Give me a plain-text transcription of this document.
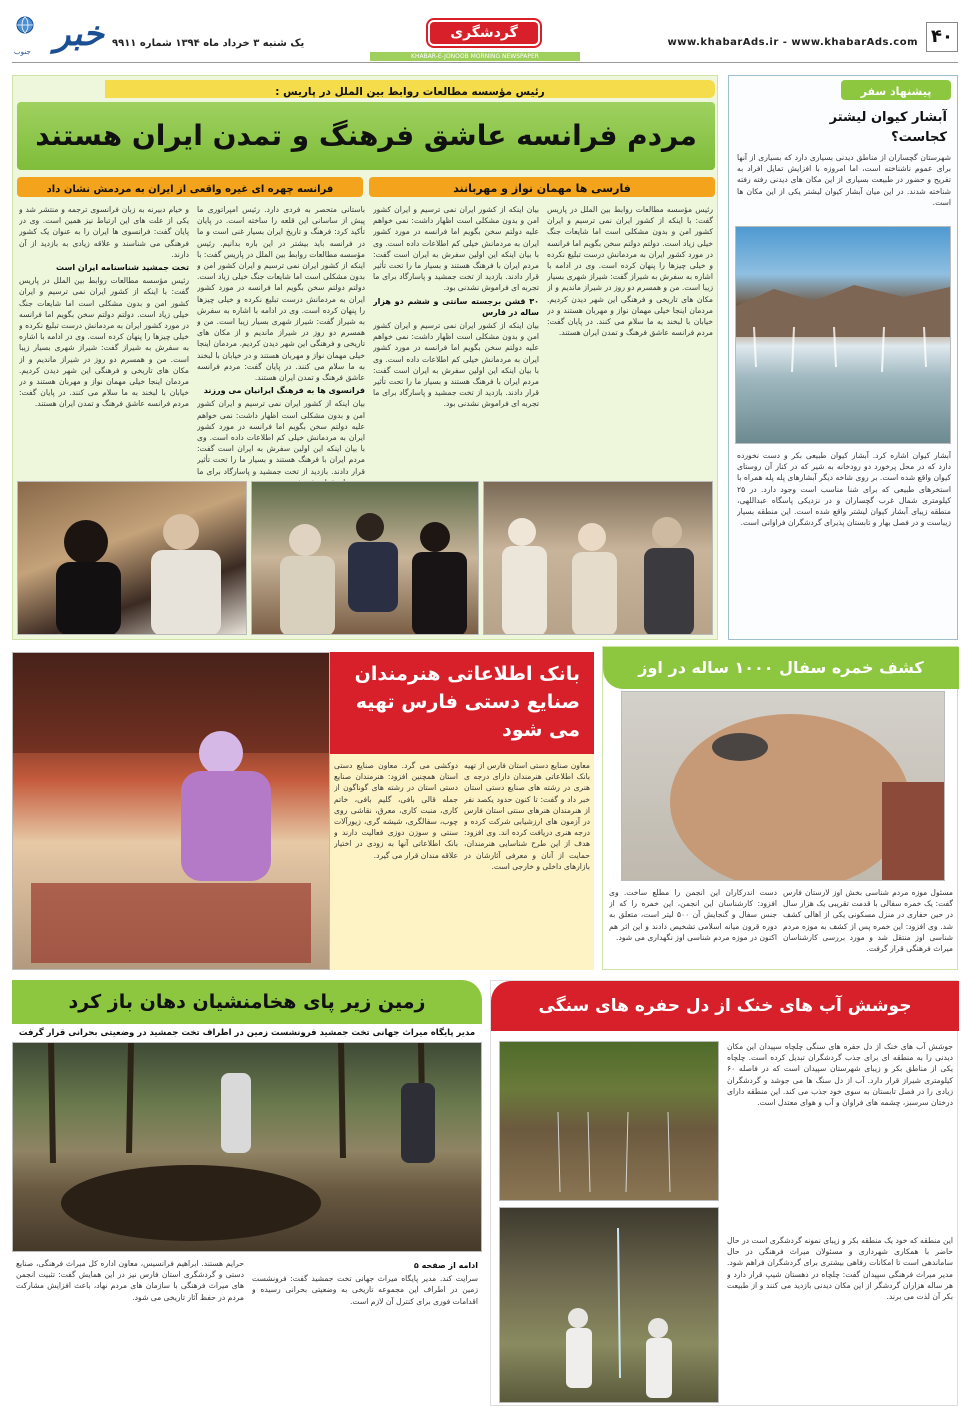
۴۰
www.khabarAds.ir - www.khabarAds.com
گردشگری
KHABAR-E-JONOOB MORNING NEWSPAPER
یک شنبه ۳ خرداد ماه ۱۳۹۴ شماره ۹۹۱۱
خبر
جنوب
رئیس مؤسسه مطالعات روابط بین الملل در پاریس :
مردم فرانسه عاشق فرهنگ و تمدن ایران هستند
فارسی ها مهمان نواز و مهربانند
فرانسه چهره ای غیره واقعی از ایران به مردمش نشان داد
رئیس مؤسسه مطالعات روابط بین الملل در پاریس گفت: با اینکه از کشور ایران نمی ترسیم و ایران کشور امن و بدون مشکلی است اما شایعات جنگ خیلی زیاد است. دولتم دولتم سخن بگویم اما فرانسه در مورد کشور ایران به مردمانش درست تبلیغ نکرده و خیلی چیزها را پنهان کرده است. وی در ادامه با اشاره به سفرش به شیراز گفت: شیراز شهری بسیار زیبا است. من و همسرم دو روز در شیراز ماندیم و از مکان های تاریخی و فرهنگی این شهر دیدن کردیم. مردمان اینجا خیلی مهمان نواز و مهربان هستند و در خیابان با لبخند به ما سلام می کنند. در پایان گفت: مردم فرانسه عاشق فرهنگ و تمدن ایران هستند.
بیان اینکه از کشور ایران نمی ترسیم و ایران کشور امن و بدون مشکلی است اظهار داشت: نمی خواهم علیه دولتم سخن بگویم اما فرانسه در مورد کشور ایران به مردمانش خیلی کم اطلاعات داده است. وی با بیان اینکه این اولین سفرش به ایران است گفت: مردم ایران با فرهنگ هستند و بسیار ما را تحت تأثیر قرار دادند. بازدید از تخت جمشید و پاسارگاد برای ما تجربه ای فراموش نشدنی بود.
۳۰ قشن برجسته سانتی و ششم دو هزار ساله در فارس
بیان اینکه از کشور ایران نمی ترسیم و ایران کشور امن و بدون مشکلی است اظهار داشت: نمی خواهم علیه دولتم سخن بگویم اما فرانسه در مورد کشور ایران به مردمانش خیلی کم اطلاعات داده است. وی با بیان اینکه این اولین سفرش به ایران است گفت: مردم ایران با فرهنگ هستند و بسیار ما را تحت تأثیر قرار دادند. بازدید از تخت جمشید و پاسارگاد برای ما تجربه ای فراموش نشدنی بود.
باستانی متحصر به فردی دارد. رئیس امپراتوری ما پیش از ساسانی این قلعه را ساخته است. در پایان تأکید کرد: فرهنگ و تاریخ ایران بسیار غنی است و ما در فرانسه باید بیشتر در این باره بدانیم. رئیس مؤسسه مطالعات روابط بین الملل در پاریس گفت: با اینکه از کشور ایران نمی ترسیم و ایران کشور امن و بدون مشکلی است اما شایعات جنگ خیلی زیاد است. دولتم دولتم سخن بگویم اما فرانسه در مورد کشور ایران به مردمانش درست تبلیغ نکرده و خیلی چیزها را پنهان کرده است. وی در ادامه با اشاره به سفرش به شیراز گفت: شیراز شهری بسیار زیبا است. من و همسرم دو روز در شیراز ماندیم و از مکان های تاریخی و فرهنگی این شهر دیدن کردیم. مردمان اینجا خیلی مهمان نواز و مهربان هستند و در خیابان با لبخند به ما سلام می کنند. در پایان گفت: مردم فرانسه عاشق فرهنگ و تمدن ایران هستند.
فرانسوی ها به فرهنگ ایرانیان می ورزند
بیان اینکه از کشور ایران نمی ترسیم و ایران کشور امن و بدون مشکلی است اظهار داشت: نمی خواهم علیه دولتم سخن بگویم اما فرانسه در مورد کشور ایران به مردمانش خیلی کم اطلاعات داده است. وی با بیان اینکه این اولین سفرش به ایران است گفت: مردم ایران با فرهنگ هستند و بسیار ما را تحت تأثیر قرار دادند. بازدید از تخت جمشید و پاسارگاد برای ما
و خیام دبیرنه به زبان فرانسوی ترجمه و منتشر شد و یکی از علت های این ارتباط نیز همین است. وی در پایان گفت: فرانسوی ها ایران را به عنوان یک کشور فرهنگی می شناسند و علاقه زیادی به بازدید از آن دارند.
تخت جمشید شناسنامه ایران است
رئیس مؤسسه مطالعات روابط بین الملل در پاریس گفت: با اینکه از کشور ایران نمی ترسیم و ایران کشور امن و بدون مشکلی است اما شایعات جنگ خیلی زیاد است. دولتم دولتم سخن بگویم اما فرانسه در مورد کشور ایران به مردمانش درست تبلیغ نکرده و خیلی چیزها را پنهان کرده است. وی در ادامه با اشاره به سفرش به شیراز گفت: شیراز شهری بسیار زیبا است. من و همسرم دو روز در شیراز ماندیم و از مکان های تاریخی و فرهنگی این شهر دیدن کردیم. مردمان اینجا خیلی مهمان نواز و مهربان هستند و در خیابان با لبخند به ما سلام می کنند. در پایان گفت: مردم فرانسه عاشق فرهنگ و تمدن ایران هستند.
پیشنهاد سفر
آبشار کیوان لیشتر کجاست؟
شهرستان گچساران از مناطق دیدنی بسیاری دارد که بسیاری از آنها برای عموم ناشناخته است، اما امروزه با افزایش تمایل افراد به تفریح و حضور در طبیعت بسیاری از این مکان های دیدنی رفته رفته شناخته شدند. در این میان آبشار کیوان لیشتر یکی از این مکان ها است.
آبشار کیوان اشاره کرد. آبشار کیوان طبیعی بکر و دست نخورده دارد که در محل پرخورد دو رودخانه به شیر که در کنار آن روستای کیوان واقع شده است. بر روی شاخه دیگر آبشارهای پله پله همراه با استخرهای طبیعی که برای شنا مناسب است وجود دارد. در ۲۵ کیلومتری شمال غرب گچساران و در نزدیکی پاسگاه عبداللهی، منطقه زیبای آبشار کیوان لیشتر واقع شده است. این منطقه بسیار زیباست و در فصل بهار و تابستان پذیرای گردشگران فراوانی است.
کشف خمره سفال ۱۰۰۰ ساله در اوز
مسئول موزه مردم شناسی بخش اوز لارستان فارس گفت: یک خمره سفالی با قدمت تقریبی یک هزار سال در حین حفاری در منزل مسکونی یکی از اهالی کشف شد. وی افزود: این خمره پس از کشف به موزه مردم شناسی اوز منتقل شد و مورد بررسی کارشناسان میراث فرهنگی قرار گرفت.
دست اندرکاران این انجمن را مطلع ساخت. وی افزود: کارشناسان این انجمن، این خمره را که از جنس سفال و گنجایش آن ۵۰۰ لیتر است، متعلق به دوره قرون میانه اسلامی تشخیص دادند و این اثر هم اکنون در موزه مردم شناسی اوز نگهداری می شود.
بانک اطلاعاتی هنرمندان صنایع دستی فارس تهیه می شود
معاون صنایع دستی استان فارس از تهیه بانک اطلاعاتی هنرمندان دارای درجه ی هنری در رشته های صنایع دستی استان خبر داد و گفت: تا کنون حدود یکصد نفر از هنرمندان هنرهای سنتی استان فارس در آزمون های ارزشیابی شرکت کرده و درجه هنری دریافت کرده اند. وی افزود: هدف از این طرح شناسایی هنرمندان، حمایت از آنان و معرفی آثارشان در بازارهای داخلی و خارجی است.
دوکشی می گرد. معاون صنایع دستی استان همچنین افزود: هنرمندان صنایع دستی استان در رشته های گوناگون از جمله قالی بافی، گلیم بافی، خاتم کاری، منبت کاری، معرق، نقاشی روی چوب، سفالگری، شیشه گری، زیورآلات سنتی و سوزن دوزی فعالیت دارند و بانک اطلاعاتی آنها به زودی در اختیار علاقه مندان قرار می گیرد.
زمین زیر پای هخامنشیان دهان باز کرد
مدیر پایگاه میراث جهانی تخت جمشید فرونشست زمین در اطراف تخت جمشید در وضعیتی بحرانی قرار گرفت
ادامه از صفحه ۵
سرایت کند. مدیر پایگاه میراث جهانی تخت جمشید گفت: فرونشست زمین در اطراف این مجموعه تاریخی به وضعیتی بحرانی رسیده و اقدامات فوری برای کنترل آن لازم است.
حرایم هستند. ابراهیم فرانسیس، معاون اداره کل میراث فرهنگی، صنایع دستی و گردشگری استان فارس نیز در این همایش گفت: تثبیت انجمن های میراث فرهنگی با سازمان های مردم نهاد، باعث افزایش مشارکت مردم در حفظ آثار تاریخی می شود.
جوشش آب های خنک از دل حفره های سنگی
جوشش آب های خنک از دل حفره های سنگی چلچاه سپیدان این مکان دیدنی را به منطقه ای برای جذب گردشگران تبدیل کرده است. چلچاه یکی از مناطق بکر و زیبای شهرستان سپیدان است که در فاصله ۶۰ کیلومتری شیراز قرار دارد. آب از دل سنگ ها می جوشد و گردشگران زیادی را در فصل تابستان به سوی خود جذب می کند. این منطقه دارای درختان سرسبز، چشمه های فراوان و آب و هوای معتدل است.
این منطقه که خود یک منطقه بکر و زیبای نمونه گردشگری است در حال حاضر با همکاری شهرداری و مسئولان میراث فرهنگی در حال ساماندهی است تا امکانات رفاهی بیشتری برای گردشگران فراهم شود. مدیر میراث فرهنگی سپیدان گفت: چلچاه در دهستان شیپ قرار دارد و هر ساله هزاران گردشگر از این مکان دیدنی بازدید می کنند و از طبیعت بکر آن لذت می برند.
